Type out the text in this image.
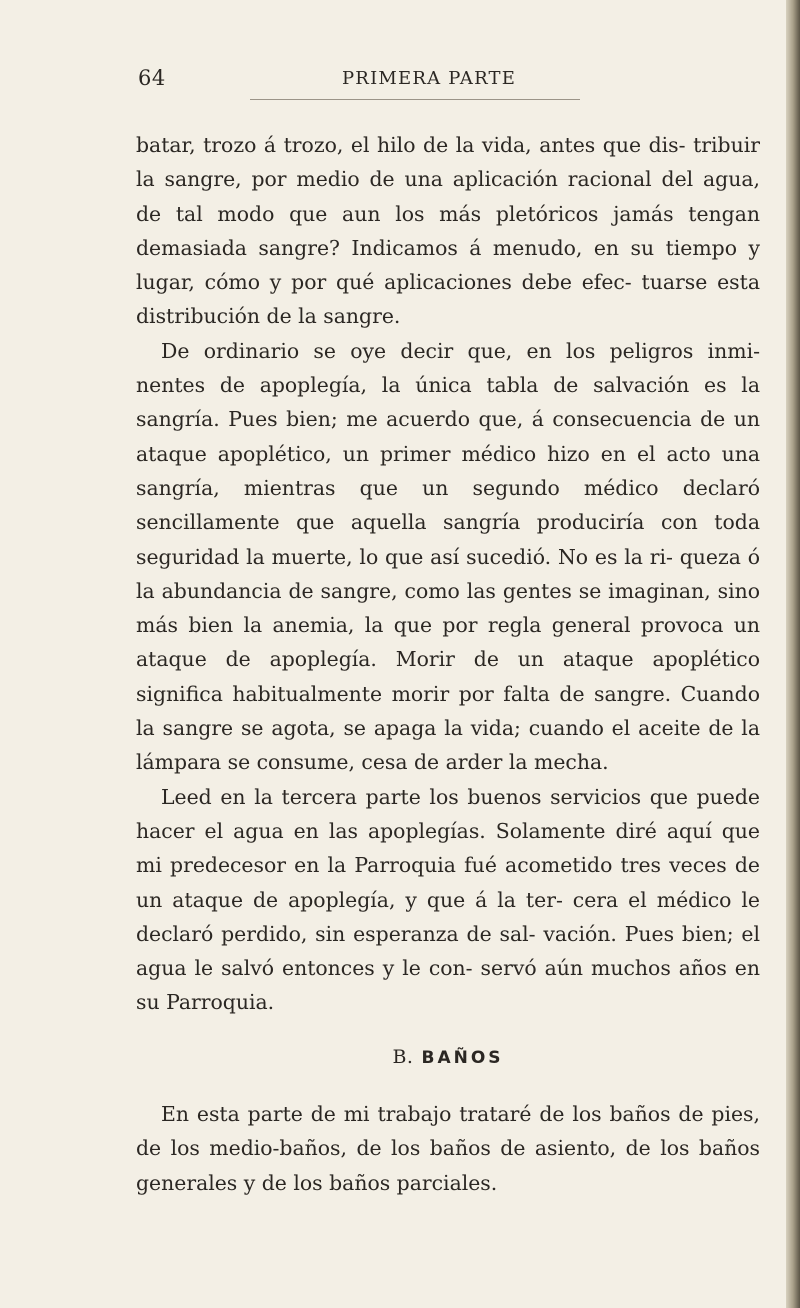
64	PRIMERA PARTE

batar, trozo á trozo, el hilo de la vida, antes que dis- tribuir la sangre, por medio de una aplicación racional del agua, de tal modo que aun los más pletóricos jamás tengan demasiada sangre? Indicamos á menudo, en su tiempo y lugar, cómo y por qué aplicaciones debe efec- tuarse esta distribución de la sangre.

De ordinario se oye decir que, en los peligros inmi- nentes de apoplegía, la única tabla de salvación es la sangría. Pues bien; me acuerdo que, á consecuencia de un ataque apoplético, un primer médico hizo en el acto una sangría, mientras que un segundo médico declaró sencillamente que aquella sangría produciría con toda seguridad la muerte, lo que así sucedió. No es la ri- queza ó la abundancia de sangre, como las gentes se imaginan, sino más bien la anemia, la que por regla general provoca un ataque de apoplegía. Morir de un ataque apoplético significa habitualmente morir por falta de sangre. Cuando la sangre se agota, se apaga la vida; cuando el aceite de la lámpara se consume, cesa de arder la mecha.

Leed en la tercera parte los buenos servicios que puede hacer el agua en las apoplegías. Solamente diré aquí que mi predecesor en la Parroquia fué acometido tres veces de un ataque de apoplegía, y que á la ter- cera el médico le declaró perdido, sin esperanza de sal- vación. Pues bien; el agua le salvó entonces y le con- servó aún muchos años en su Parroquia.

B. BAÑOS

En esta parte de mi trabajo trataré de los baños de pies, de los medio-baños, de los baños de asiento, de los baños generales y de los baños parciales.
